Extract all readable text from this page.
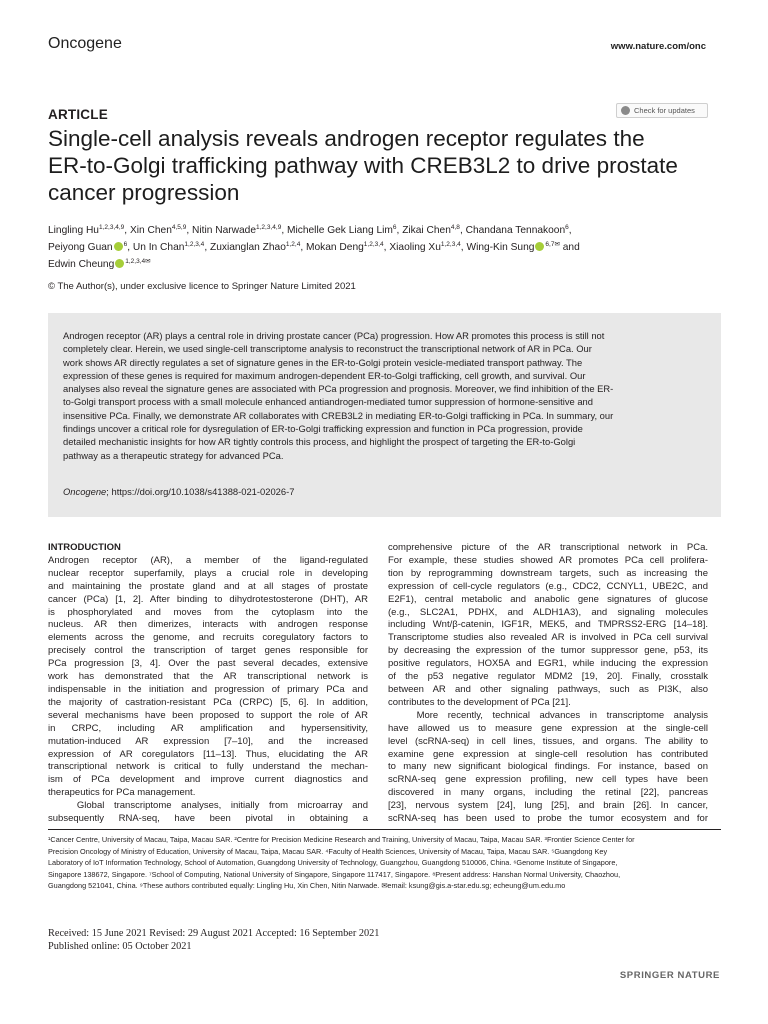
Oncogene	www.nature.com/onc
ARTICLE	Check for updates
Single-cell analysis reveals androgen receptor regulates the
ER-to-Golgi trafficking pathway with CREB3L2 to drive prostate
cancer progression
Lingling Hu$^{1,2,3,4,9}$, Xin Chen$^{4,5,9}$, Nitin Narwade$^{1,2,3,4,9}$, Michelle Gek Liang Lim$^6$, Zikai Chen$^{4,8}$, Chandana Tennakoon$^6$,
Peiyong Guan $^6$, Un In Chan$^{1,2,3,4}$, Zuxianglan Zhao$^{1,2,4}$, Mokan Deng$^{1,2,3,4}$, Xiaoling Xu$^{1,2,3,4}$, Wing-Kin Sung $^{6,7✉}$ and
Edwin Cheung $^{1,2,3,4✉}$
© The Author(s), under exclusive licence to Springer Nature Limited 2021
Androgen receptor (AR) plays a central role in driving prostate cancer (PCa) progression. How AR promotes this process is still not
completely clear. Herein, we used single-cell transcriptome analysis to reconstruct the transcriptional network of AR in PCa. Our
work shows AR directly regulates a set of signature genes in the ER-to-Golgi protein vesicle-mediated transport pathway. The
expression of these genes is required for maximum androgen-dependent ER-to-Golgi trafficking, cell growth, and survival. Our
analyses also reveal the signature genes are associated with PCa progression and prognosis. Moreover, we find inhibition of the ER-
to-Golgi transport process with a small molecule enhanced antiandrogen-mediated tumor suppression of hormone-sensitive and
insensitive PCa. Finally, we demonstrate AR collaborates with CREB3L2 in mediating ER-to-Golgi trafficking in PCa. In summary, our
findings uncover a critical role for dysregulation of ER-to-Golgi trafficking expression and function in PCa progression, provide
detailed mechanistic insights for how AR tightly controls this process, and highlight the prospect of targeting the ER-to-Golgi
pathway as a therapeutic strategy for advanced PCa.
Oncogene; https://doi.org/10.1038/s41388-021-02026-7
INTRODUCTION
Androgen receptor (AR), a member of the ligand-regulated
nuclear receptor superfamily, plays a crucial role in developing
and maintaining the prostate gland and at all stages of prostate
cancer (PCa) [1, 2]. After binding to dihydrotestosterone (DHT), AR
is phosphorylated and moves from the cytoplasm into the
nucleus. AR then dimerizes, interacts with androgen response
elements across the genome, and recruits coregulatory factors to
precisely control the transcription of target genes responsible for
PCa progression [3, 4]. Over the past several decades, extensive
work has demonstrated that the AR transcriptional network is
indispensable in the initiation and progression of primary PCa and
the majority of castration-resistant PCa (CRPC) [5, 6]. In addition,
several mechanisms have been proposed to support the role of AR
in CRPC, including AR amplification and hypersensitivity,
mutation-induced AR expression [7–10], and the increased
expression of AR coregulators [11–13]. Thus, elucidating the AR
transcriptional network is critical to fully understand the mechan-
ism of PCa development and improve current diagnostics and
therapeutics for PCa management.
Global transcriptome analyses, initially from microarray and
subsequently RNA-seq, have been pivotal in obtaining a
comprehensive picture of the AR transcriptional network in PCa.
For example, these studies showed AR promotes PCa cell prolifera-
tion by reprogramming downstream targets, such as increasing the
expression of cell-cycle regulators (e.g., CDC2, CCNYL1, UBE2C, and
E2F1), central metabolic and anabolic gene signatures of glucose
(e.g., SLC2A1, PDHX, and ALDH1A3), and signaling molecules
including Wnt/β-catenin, IGF1R, MEK5, and TMPRSS2-ERG [14–18].
Transcriptome studies also revealed AR is involved in PCa cell survival
by decreasing the expression of the tumor suppressor gene, p53, its
positive regulators, HOX5A and EGR1, while inducing the expression
of the p53 negative regulator MDM2 [19, 20]. Finally, crosstalk
between AR and other signaling pathways, such as PI3K, also
contributes to the development of PCa [21].
More recently, technical advances in transcriptome analysis
have allowed us to measure gene expression at the single-cell
level (scRNA-seq) in cell lines, tissues, and organs. The ability to
examine gene expression at single-cell resolution has contributed
to many new significant biological findings. For instance, based on
scRNA-seq gene expression profiling, new cell types have been
discovered in many organs, including the retinal [22], pancreas
[23], nervous system [24], lung [25], and brain [26]. In cancer,
scRNA-seq has been used to probe the tumor ecosystem and for
¹Cancer Centre, University of Macau, Taipa, Macau SAR. ²Centre for Precision Medicine Research and Training, University of Macau, Taipa, Macau SAR. ³Frontier Science Center for
Precision Oncology of Ministry of Education, University of Macau, Taipa, Macau SAR. ⁴Faculty of Health Sciences, University of Macau, Taipa, Macau SAR. ⁵Guangdong Key
Laboratory of IoT Information Technology, School of Automation, Guangdong University of Technology, Guangzhou, Guangdong 510006, China. ⁶Genome Institute of Singapore,
Singapore 138672, Singapore. ⁷School of Computing, National University of Singapore, Singapore 117417, Singapore. ⁸Present address: Hanshan Normal University, Chaozhou,
Guangdong 521041, China. ⁹These authors contributed equally: Lingling Hu, Xin Chen, Nitin Narwade. ✉email: ksung@gis.a-star.edu.sg; echeung@um.edu.mo
Received: 15 June 2021 Revised: 29 August 2021 Accepted: 16 September 2021
Published online: 05 October 2021
SPRINGER NATURE
